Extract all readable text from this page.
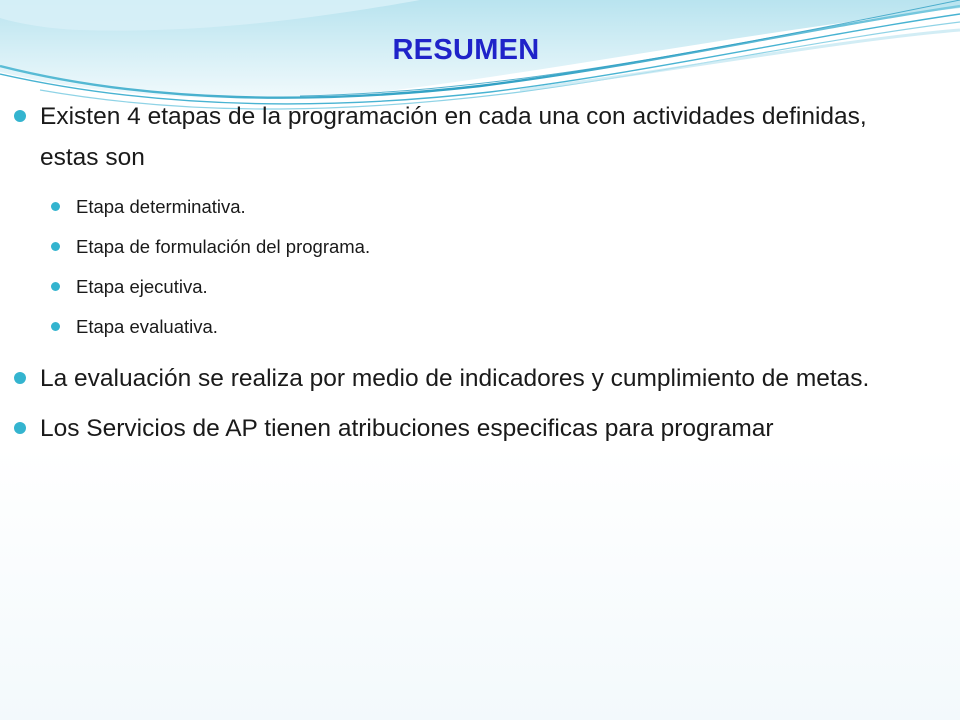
RESUMEN
Existen 4 etapas de la programación en cada una con actividades definidas, estas son
Etapa determinativa.
Etapa de formulación del programa.
Etapa ejecutiva.
Etapa evaluativa.
La evaluación se realiza por medio de indicadores y cumplimiento de metas.
Los Servicios de AP tienen atribuciones especificas para programar
